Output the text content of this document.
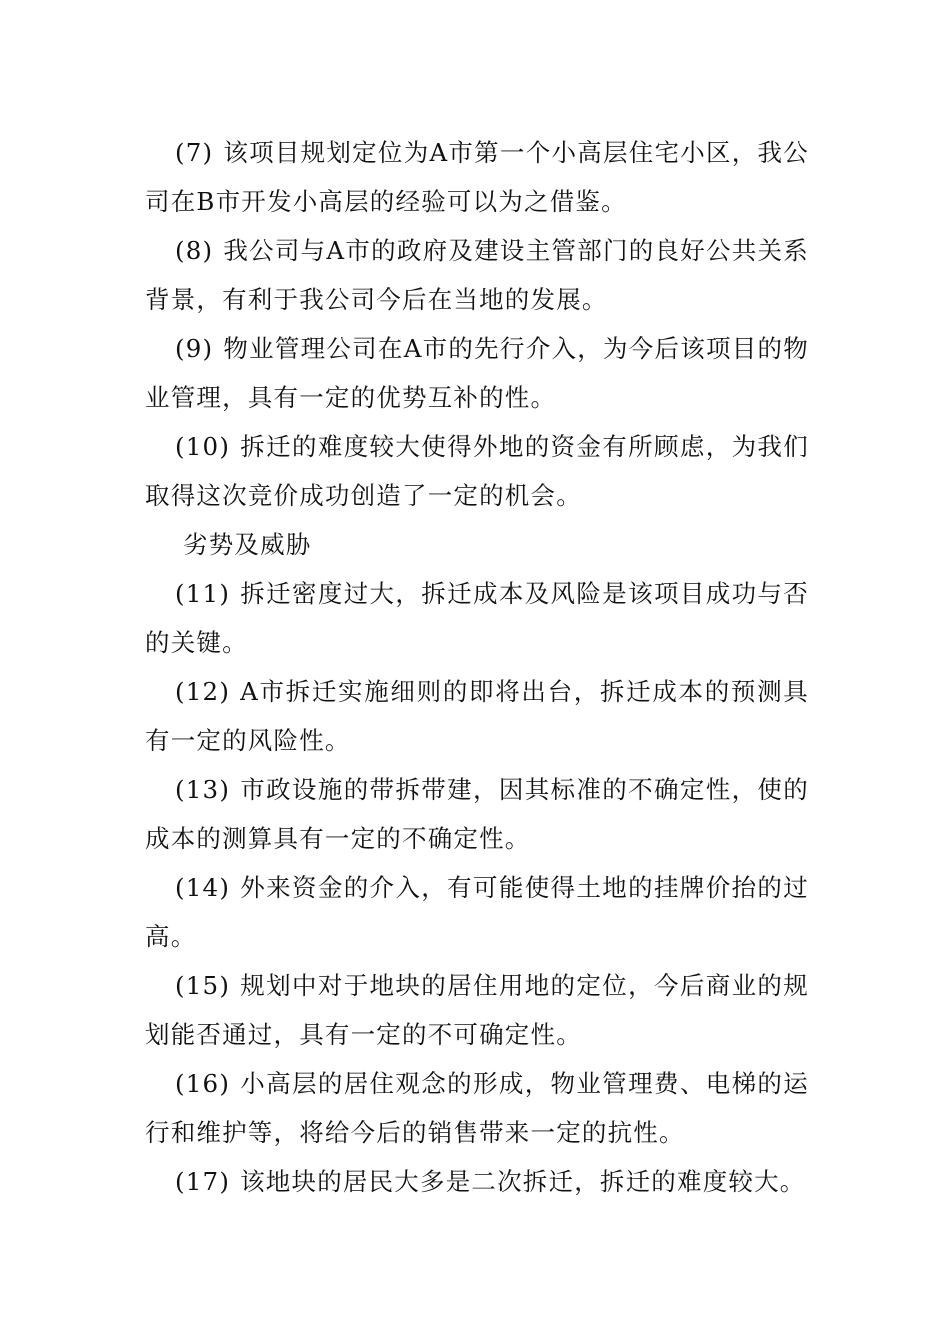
(7) 该项目规划定位为A市第一个小高层住宅小区，我公司在B市开发小高层的经验可以为之借鉴。

(8) 我公司与A市的政府及建设主管部门的良好公共关系背景，有利于我公司今后在当地的发展。

(9) 物业管理公司在A市的先行介入，为今后该项目的物业管理，具有一定的优势互补的性。

(10) 拆迁的难度较大使得外地的资金有所顾虑，为我们取得这次竞价成功创造了一定的机会。

劣势及威胁

(11) 拆迁密度过大，拆迁成本及风险是该项目成功与否的关键。

(12) A市拆迁实施细则的即将出台，拆迁成本的预测具有一定的风险性。

(13) 市政设施的带拆带建，因其标准的不确定性，使的成本的测算具有一定的不确定性。

(14) 外来资金的介入，有可能使得土地的挂牌价抬的过高。

(15) 规划中对于地块的居住用地的定位，今后商业的规划能否通过，具有一定的不可确定性。

(16) 小高层的居住观念的形成，物业管理费、电梯的运行和维护等，将给今后的销售带来一定的抗性。

(17) 该地块的居民大多是二次拆迁，拆迁的难度较大。
